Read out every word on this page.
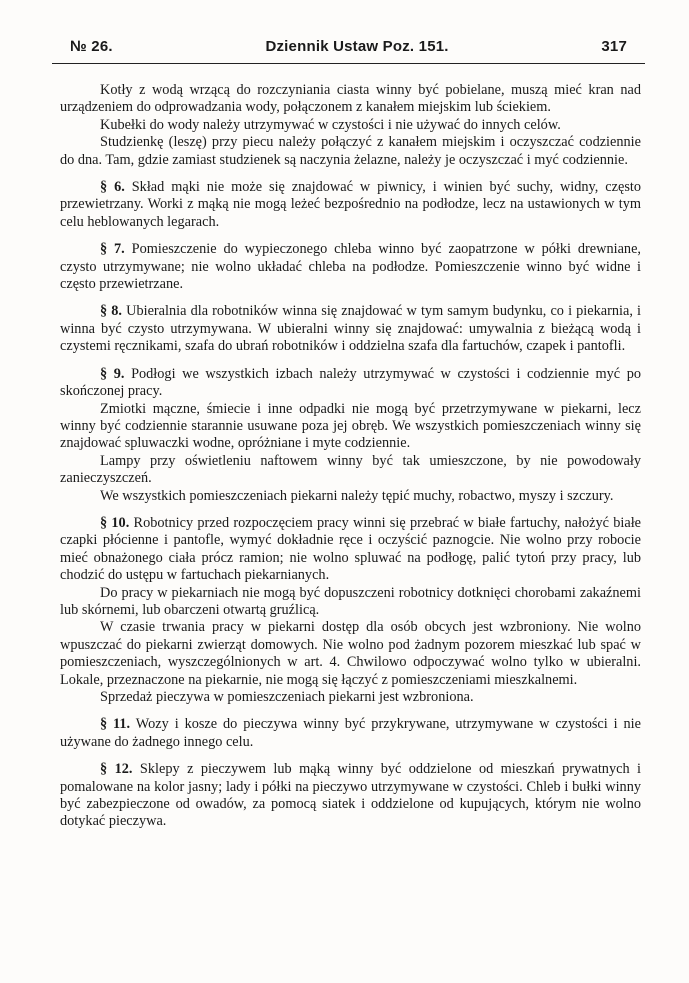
№ 26.	Dziennik Ustaw Poz. 151.	317

Kotły z wodą wrzącą do rozczyniania ciasta winny być pobielane, muszą mieć kran nad urządzeniem do odprowadzania wody, połączonem z kanałem miejskim lub ściekiem.

Kubełki do wody należy utrzymywać w czystości i nie używać do innych celów.

Studzienkę (leszę) przy piecu należy połączyć z kanałem miejskim i oczyszczać codziennie do dna. Tam, gdzie zamiast studzienek są naczynia żelazne, należy je oczyszczać i myć codziennie.

§ 6. Skład mąki nie może się znajdować w piwnicy, i winien być suchy, widny, często przewietrzany. Worki z mąką nie mogą leżeć bezpośrednio na podłodze, lecz na ustawionych w tym celu heblowanych legarach.

§ 7. Pomieszczenie do wypieczonego chleba winno być zaopatrzone w półki drewniane, czysto utrzymywane; nie wolno układać chleba na podłodze. Pomieszczenie winno być widne i często przewietrzane.

§ 8. Ubieralnia dla robotników winna się znajdować w tym samym budynku, co i piekarnia, i winna być czysto utrzymywana. W ubieralni winny się znajdować: umywalnia z bieżącą wodą i czystemi ręcznikami, szafa do ubrań robotników i oddzielna szafa dla fartuchów, czapek i pantofli.

§ 9. Podłogi we wszystkich izbach należy utrzymywać w czystości i codziennie myć po skończonej pracy.

Zmiotki mączne, śmiecie i inne odpadki nie mogą być przetrzymywane w piekarni, lecz winny być codziennie starannie usuwane poza jej obręb. We wszystkich pomieszczeniach winny się znajdować spluwaczki wodne, opróżniane i myte codziennie.

Lampy przy oświetleniu naftowem winny być tak umieszczone, by nie powodowały zanieczyszczeń.

We wszystkich pomieszczeniach piekarni należy tępić muchy, robactwo, myszy i szczury.

§ 10. Robotnicy przed rozpoczęciem pracy winni się przebrać w białe fartuchy, nałożyć białe czapki płócienne i pantofle, wymyć dokładnie ręce i oczyścić paznogcie. Nie wolno przy robocie mieć obnażonego ciała prócz ramion; nie wolno spluwać na podłogę, palić tytoń przy pracy, lub chodzić do ustępu w fartuchach piekarnianych.

Do pracy w piekarniach nie mogą być dopuszczeni robotnicy dotknięci chorobami zakaźnemi lub skórnemi, lub obarczeni otwartą gruźlicą.

W czasie trwania pracy w piekarni dostęp dla osób obcych jest wzbroniony. Nie wolno wpuszczać do piekarni zwierząt domowych. Nie wolno pod żadnym pozorem mieszkać lub spać w pomieszczeniach, wyszczególnionych w art. 4. Chwilowo odpoczywać wolno tylko w ubieralni. Lokale, przeznaczone na piekarnie, nie mogą się łączyć z pomieszczeniami mieszkalnemi.

Sprzedaż pieczywa w pomieszczeniach piekarni jest wzbroniona.

§ 11. Wozy i kosze do pieczywa winny być przykrywane, utrzymywane w czystości i nie używane do żadnego innego celu.

§ 12. Sklepy z pieczywem lub mąką winny być oddzielone od mieszkań prywatnych i pomalowane na kolor jasny; lady i półki na pieczywo utrzymywane w czystości. Chleb i bułki winny być zabezpieczone od owadów, za pomocą siatek i oddzielone od kupujących, którym nie wolno dotykać pieczywa.
